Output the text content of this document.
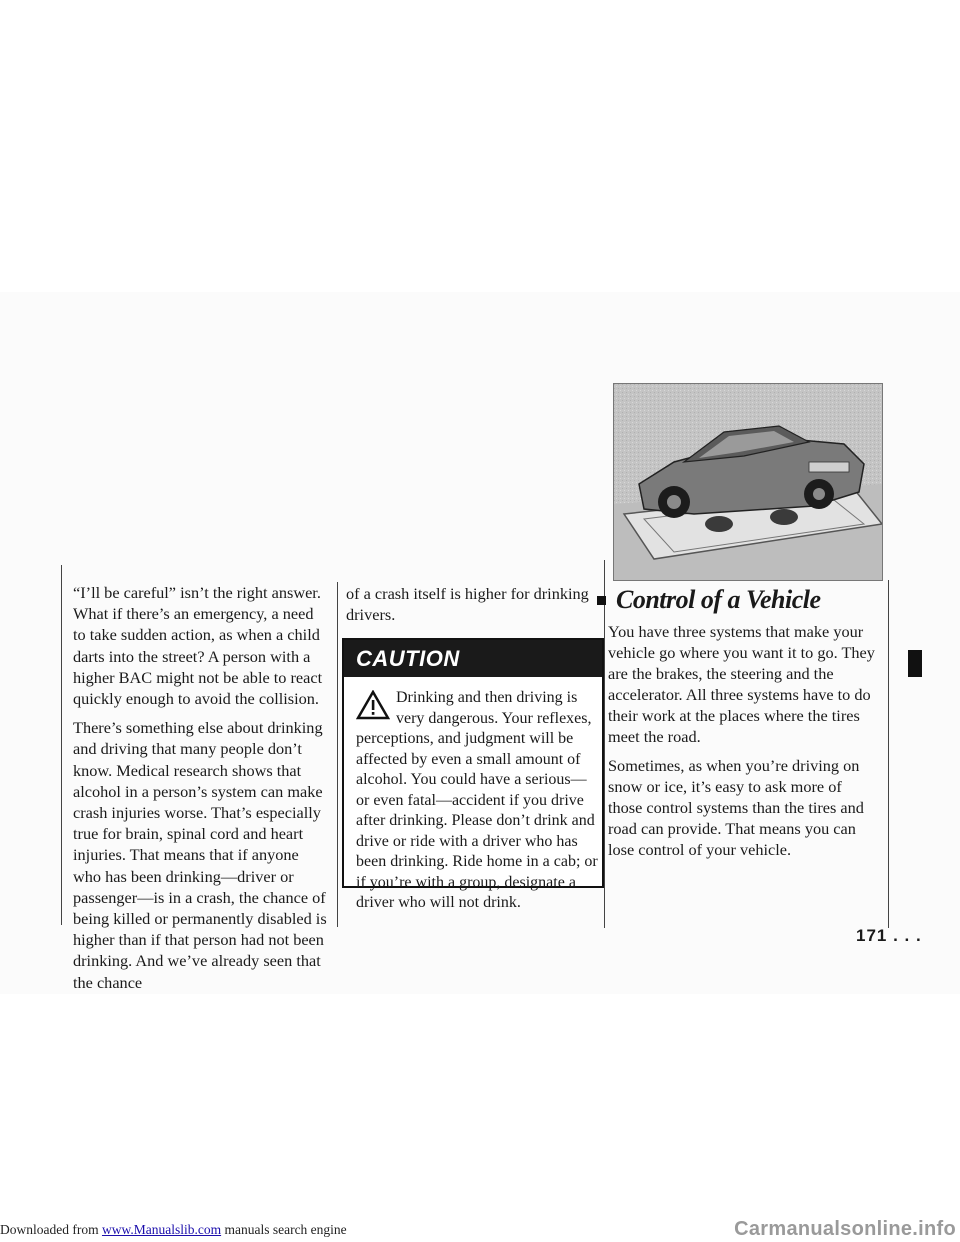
“I’ll be careful” isn’t the right answer. What if there’s an emergency, a need to take sudden action, as when a child darts into the street? A person with a higher BAC might not be able to react quickly enough to avoid the collision.

There’s something else about drinking and driving that many people don’t know. Medical research shows that alcohol in a person’s system can make crash injuries worse. That’s especially true for brain, spinal cord and heart injuries. That means that if anyone who has been drinking—driver or passenger—is in a crash, the chance of being killed or permanently disabled is higher than if that person had not been drinking. And we’ve already seen that the chance

of a crash itself is higher for drinking drivers.

CAUTION
Drinking and then driving is very dangerous. Your reflexes, perceptions, and judgment will be affected by even a small amount of alcohol. You could have a serious—or even fatal—accident if you drive after drinking. Please don’t drink and drive or ride with a driver who has been drinking. Ride home in a cab; or if you’re with a group, designate a driver who will not drink.
Control of a Vehicle

You have three systems that make your vehicle go where you want it to go. They are the brakes, the steering and the accelerator. All three systems have to do their work at the places where the tires meet the road.

Sometimes, as when you’re driving on snow or ice, it’s easy to ask more of those control systems than the tires and road can provide. That means you can lose control of your vehicle.

171 . . .
Downloaded from www.Manualslib.com manuals search engine	Carmanualsonline.info
